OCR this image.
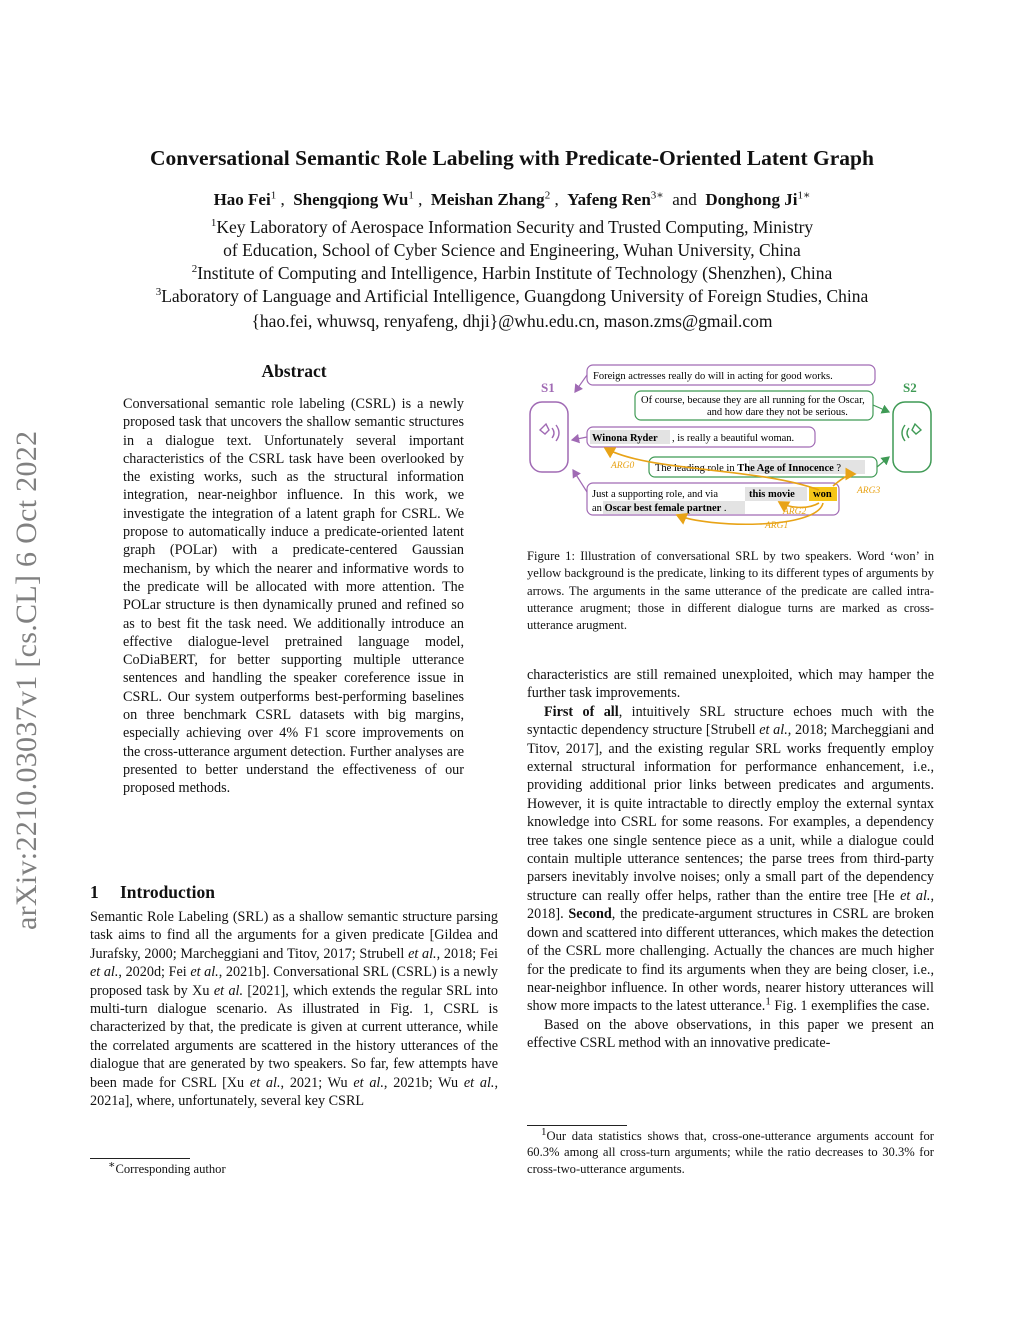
Conversational Semantic Role Labeling with Predicate-Oriented Latent Graph
Hao Fei$^1$ ,  Shengqiong Wu$^1$ ,  Meishan Zhang$^2$ ,  Yafeng Ren$^{3∗}$ and Donghong $Ji^{1∗}$
$^1$Key Laboratory of Aerospace Information Security and Trusted Computing, Ministry
of Education, School of Cyber Science and Engineering, Wuhan University, China
$^2$Institute of Computing and Intelligence, Harbin Institute of Technology (Shenzhen), China
$^3$Laboratory of Language and Artificial Intelligence, Guangdong University of Foreign Studies, China
{hao.fei, whuwsq, renyafeng, dhji}@whu.edu.cn, mason.zms@gmail.com
arXiv:2210.03037v1 [cs.CL] 6 Oct 2022
Abstract
Conversational semantic role labeling (CSRL) is a newly proposed task that uncovers the shallow semantic structures in a dialogue text. Unfortunately several important characteristics of the CSRL task have been overlooked by the existing works, such as the structural information integration, near-neighbor influence. In this work, we investigate the integration of a latent graph for CSRL. We propose to automatically induce a predicate-oriented latent graph (POLar) with a predicate-centered Gaussian mechanism, by which the nearer and informative words to the predicate will be allocated with more attention. The POLar structure is then dynamically pruned and refined so as to best fit the task need. We additionally introduce an effective dialogue-level pretrained language model, CoDiaBERT, for better supporting multiple utterance sentences and handling the speaker coreference issue in CSRL. Our system outperforms best-performing baselines on three benchmark CSRL datasets with big margins, especially achieving over 4% F1 score improvements on the cross-utterance argument detection. Further analyses are presented to better understand the effectiveness of our proposed methods.
1 Introduction
Semantic Role Labeling (SRL) as a shallow semantic structure parsing task aims to find all the arguments for a given predicate [Gildea and Jurafsky, 2000; Marcheggiani and Titov, 2017; Strubell et al., 2018; Fei et al., 2020d; Fei et al., 2021b]. Conversational SRL (CSRL) is a newly proposed task by Xu et al. [2021], which extends the regular SRL into multi-turn dialogue scenario. As illustrated in Fig. 1, CSRL is characterized by that, the predicate is given at current utterance, while the correlated arguments are scattered in the history utterances of the dialogue that are generated by two speakers. So far, few attempts have been made for CSRL [Xu et al., 2021; Wu et al., 2021b; Wu et al., 2021a], where, unfortunately, several key CSRL
∗Corresponding author
S1	S2
Foreign actresses really do will in acting for good works.
Of course, because they are all running for the Oscar,
and how dare they not be serious.
Winona Ryder , is really a beautiful woman.
The leading role in The Age of Innocence ?
Just a supporting role, and via	this movie won
an Oscar best female partner .
ARG0
ARG3
ARG2
ARG1
Figure 1: Illustration of conversational SRL by two speakers. Word ‘won’ in yellow background is the predicate, linking to its different types of arguments by arrows. The arguments in the same utterance of the predicate are called intra-utterance arugment; those in different dialogue turns are marked as cross-utterance arugment.

characteristics are still remained unexploited, which may hamper the further task improvements.

First of all, intuitively SRL structure echoes much with the syntactic dependency structure [Strubell et al., 2018; Marcheggiani and Titov, 2017], and the existing regular SRL works frequently employ external structural information for performance enhancement, i.e., providing additional prior links between predicates and arguments. However, it is quite intractable to directly employ the external syntax knowledge into CSRL for some reasons. For examples, a dependency tree takes one single sentence piece as a unit, while a dialogue could contain multiple utterance sentences; the parse trees from third-party parsers inevitably involve noises; only a small part of the dependency structure can really offer helps, rather than the entire tree [He et al., 2018]. Second, the predicate-argument structures in CSRL are broken down and scattered into different utterances, which makes the detection of the CSRL more challenging. Actually the chances are much higher for the predicate to find its arguments when they are being closer, i.e., near-neighbor influence. In other words, nearer history utterances will show more impacts to the latest utterance.$^1$ Fig. 1 exemplifies the case.

Based on the above observations, in this paper we present an effective CSRL method with an innovative predicate-

$^1$Our data statistics shows that, cross-one-utterance arguments account for 60.3% among all cross-turn arguments; while the ratio decreases to 30.3% for cross-two-utterance arguments.
